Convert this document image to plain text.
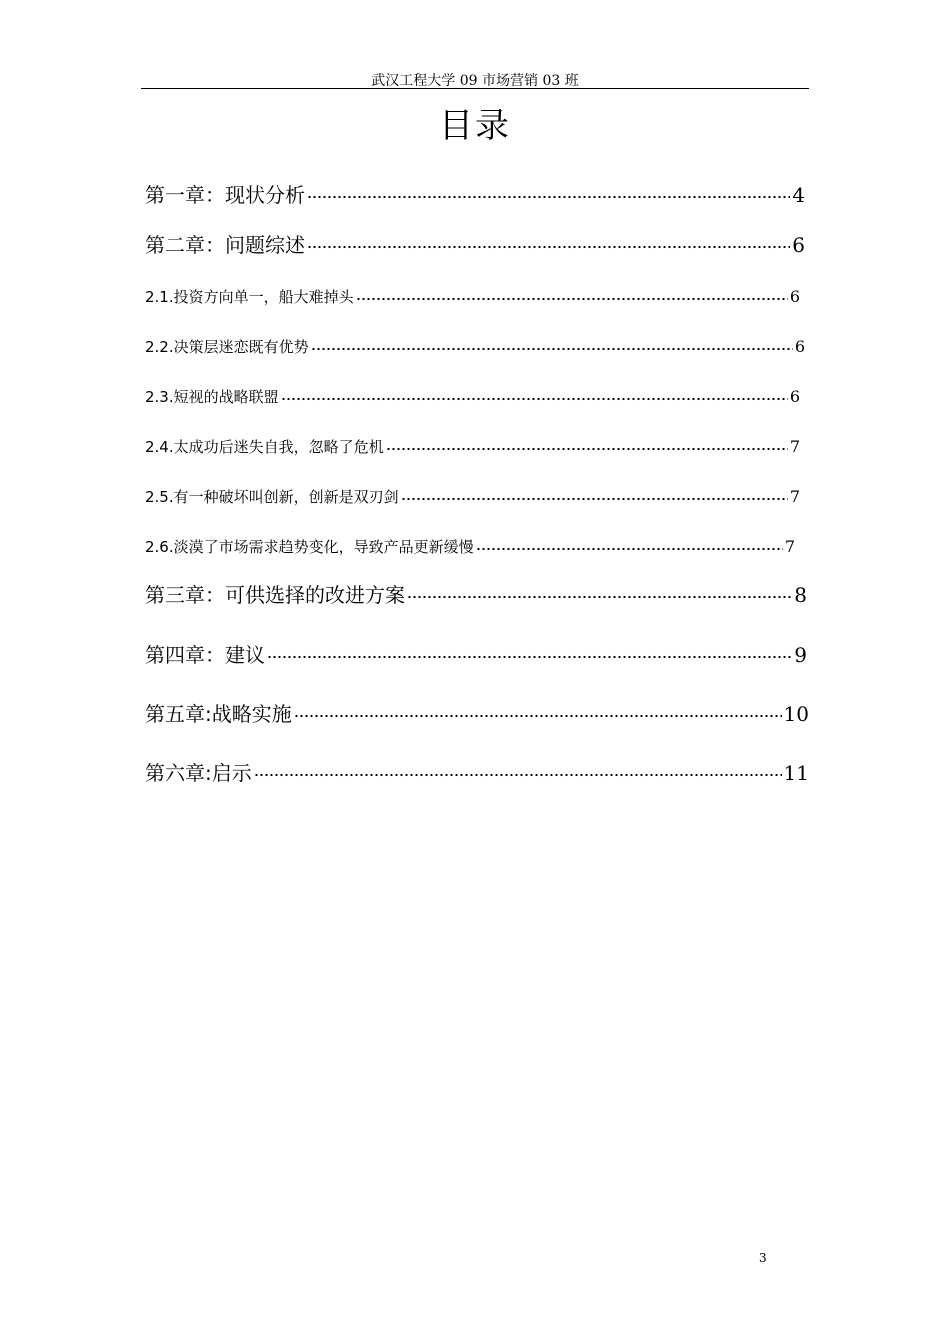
武汉工程大学 09 市场营销 03 班
目录
第一章：现状分析	4
第二章：问题综述	6
2.1.投资方向单一，船大难掉头	6
2.2.决策层迷恋既有优势	6
2.3.短视的战略联盟	6
2.4.太成功后迷失自我，忽略了危机	7
2.5.有一种破坏叫创新，创新是双刃剑	7
2.6.淡漠了市场需求趋势变化，导致产品更新缓慢	7
第三章：可供选择的改进方案	8
第四章：建议	9
第五章:战略实施	10
第六章:启示	11
3
